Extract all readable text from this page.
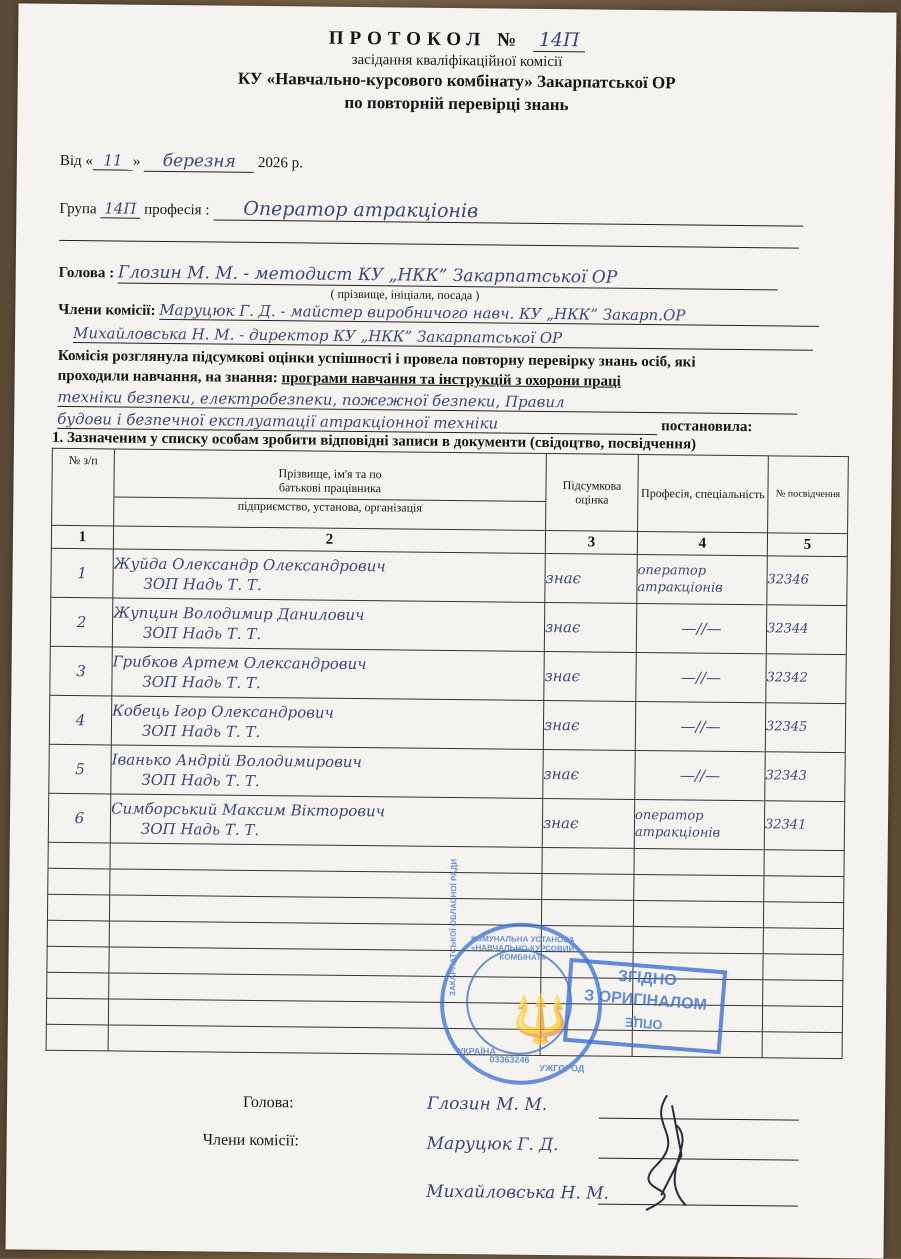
ПРОТОКОЛ № 14П
засідання кваліфікаційної комісії
КУ «Навчально-курсового комбінату» Закарпатської ОР
по повторній перевірці знань
Від « 11 » березня 2026 р.
Група 14П професія : Оператор атракціонів
Голова : Глозин М. М. - методист КУ „НКК” Закарпатської ОР
( прізвище, ініціали, посада )
Члени комісії: Маруцюк Г. Д. - майстер виробничого навч. КУ „НКК” Закарп.ОР
Михайловська Н. М. - директор КУ „НКК” Закарпатської ОР
Комісія розглянула підсумкові оцінки успішності і провела повторну перевірку знань осіб, які
проходили навчання, на знання: програми навчання та інструкцій з охорони праці
техніки безпеки, електробезпеки, пожежної безпеки, Правил
будови і безпечної експлуатації атракціонної техніки	постановила:
1. Зазначеним у списку особам зробити відповідні записи в документи (свідоцтво, посвідчення)
№ з/п	Прізвище, ім'я та по батькові працівника
підприємство, установа, організація	Підсумкова оцінка	Професія, спеціальність	№ посвідчення
1	2	3	4	5
1	Жуйда Олександр Олександрович
ЗОП Надь Т. Т.	знає	оператор атракціонів	32346
2	Жупцин Володимир Данилович
ЗОП Надь Т. Т.	знає	—//—	32344
3	Грибков Артем Олександрович
ЗОП Надь Т. Т.	знає	—//—	32342
4	Кобець Ігор Олександрович
ЗОП Надь Т. Т.	знає	—//—	32345
5	Іванько Андрій Володимирович
ЗОП Надь Т. Т.	знає	—//—	32343
6	Симборський Максим Вікторович
ЗОП Надь Т. Т.	знає	оператор атракціонів	32341

КОМУНАЛЬНА УСТАНОВА «НАВЧАЛЬНО-КУРСОВИЙ КОМБІНАТ»
ЗАКАРПАТСЬКОЇ ОБЛАСНОЇ РАДИ
🔱
03363246
УЖГОРОД
УКРАЇНА
ЗГІДНО
З ОРИГІНАЛОМ
ОПЦЕ
Голова:	Глозин М. М.
Члени комісії:	Маруцюк Г. Д.
Михайловська Н. М.
